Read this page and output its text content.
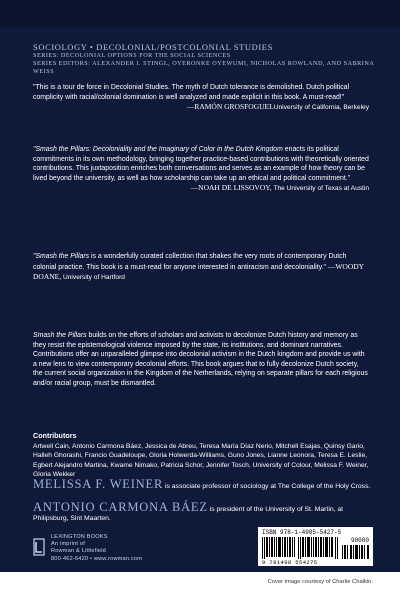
SOCIOLOGY • DECOLONIAL/POSTCOLONIAL STUDIES
SERIES: DECOLONIAL OPTIONS FOR THE SOCIAL SCIENCES
SERIES EDITORS: ALEXANDER I. STINGL, OYERONKE OYEWUMI, NICHOLAS ROWLAND, AND SABRINA WEISS
"This is a tour de force in Decolonial Studies. The myth of Dutch tolerance is demolished. Dutch political complicity with racial/colonial domination is well analyzed and made explicit in this book. A must-read!"
—RAMÓN GROSFOGUELUniversity of California, Berkeley
"Smash the Pillars: Decoloniality and the Imaginary of Color in the Dutch Kingdom enacts its political commitments in its own methodology, bringing together practice-based contributions with theoretically oriented contributions. This juxtaposition enriches both conversations and serves as an example of how theory can be lived beyond the university, as well as how scholarship can take up an ethical and political commitment."
—NOAH DE LISSOVOY, The University of Texas at Austin
"Smash the Pillars is a wonderfully curated collection that shakes the very roots of contemporary Dutch colonial practice. This book is a must-read for anyone interested in antiracism and decoloniality." —WOODY DOANE, University of Hartford
Smash the Pillars builds on the efforts of scholars and activists to decolonize Dutch history and memory as they resist the epistemological violence imposed by the state, its institutions, and dominant narratives. Contributions offer an unparalleled glimpse into decolonial activism in the Dutch kingdom and provide us with a new lens to view contemporary decolonial efforts. This book argues that to fully decolonize Dutch society, the current social organization in the Kingdom of the Netherlands, relying on separate pillars for each religious and/or racial group, must be dismantled.
Contributors
Artwell Cain, Antonio Carmona Báez, Jessica de Abreu, Teresa María Díaz Nerio, Mitchell Esajas, Quinsy Gario, Halleh Ghorashi, Francio Guadeloupe, Gloria Holwerda-Williams, Guno Jones, Lianne Leonora, Teresa E. Leslie, Egbert Alejandro Martina, Kwame Nimako, Patricia Schor, Jennifer Tosch, University of Colour, Melissa F. Weiner, Gloria Wekker
MELISSA F. WEINER is associate professor of sociology at The College of the Holy Cross.
ANTONIO CARMONA BÁEZ is president of the University of St. Martin, at Philipsburg, Sint Maarten.
LEXINGTON BOOKS
An imprint of
Rowman & Littlefield
800-462-6420 • www.rowman.com
ISBN 978-1-4985-5427-5
90000
9 781498 554275
Cover image courtesy of Charlie Chalkin.
